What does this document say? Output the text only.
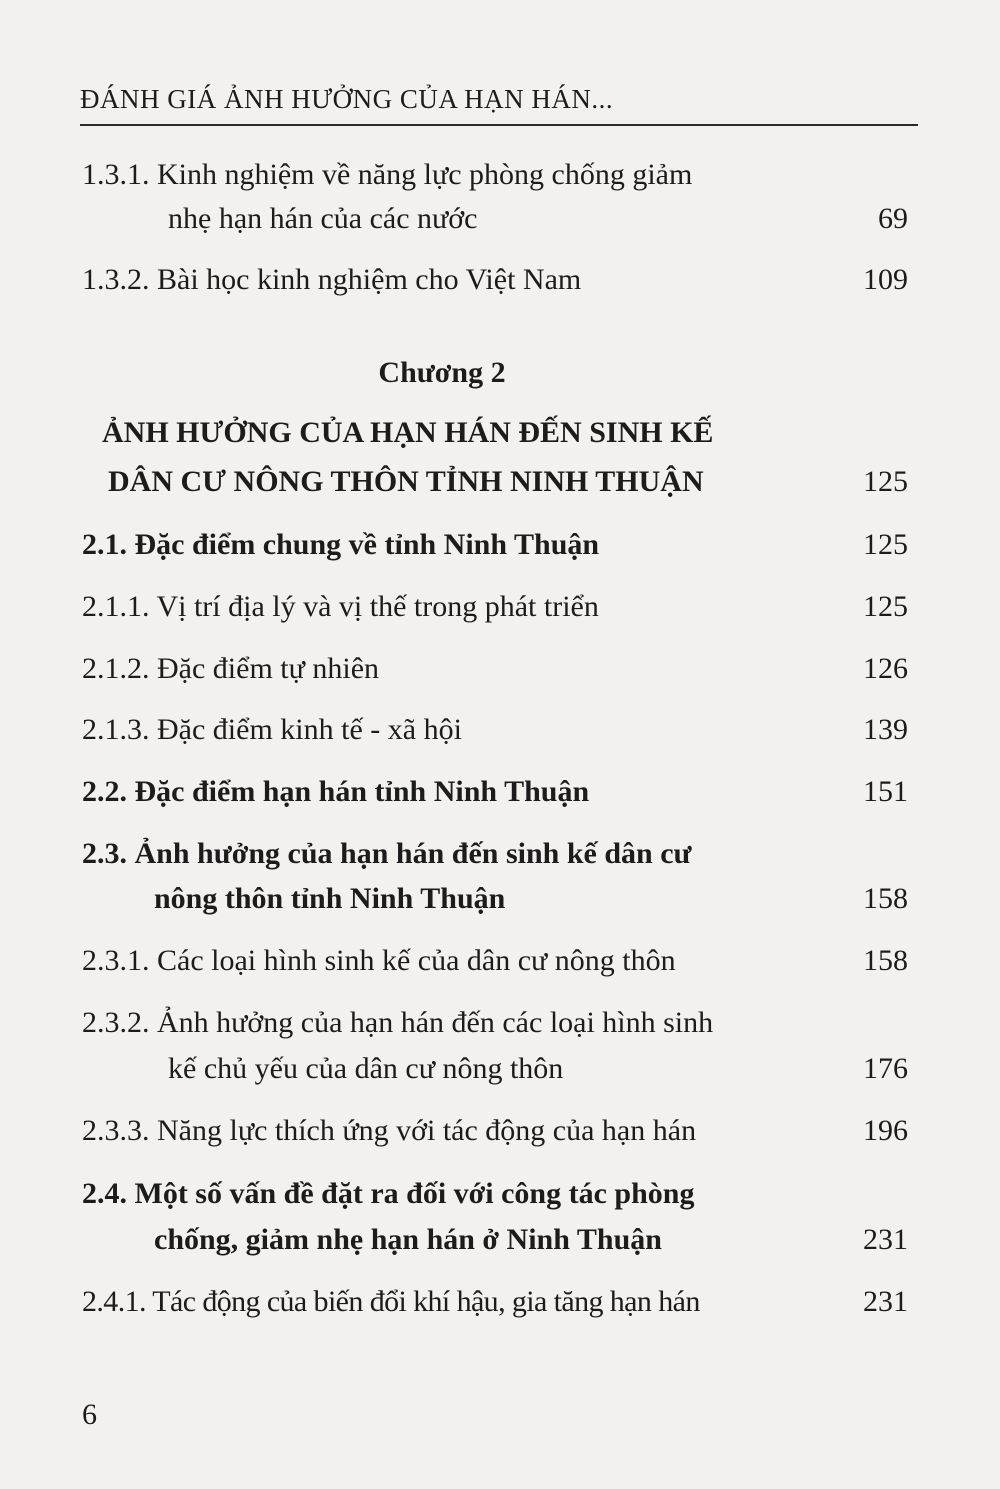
ĐÁNH GIÁ ẢNH HƯỞNG CỦA HẠN HÁN...
1.3.1. Kinh nghiệm về năng lực phòng chống giảm
nhẹ hạn hán của các nước	69
1.3.2. Bài học kinh nghiệm cho Việt Nam	109
Chương 2
ẢNH HƯỞNG CỦA HẠN HÁN ĐẾN SINH KẾ
DÂN CƯ NÔNG THÔN TỈNH NINH THUẬN	125
2.1. Đặc điểm chung về tỉnh Ninh Thuận	125
2.1.1. Vị trí địa lý và vị thế trong phát triển	125
2.1.2. Đặc điểm tự nhiên	126
2.1.3. Đặc điểm kinh tế - xã hội	139
2.2. Đặc điểm hạn hán tỉnh Ninh Thuận	151
2.3. Ảnh hưởng của hạn hán đến sinh kế dân cư
nông thôn tỉnh Ninh Thuận	158
2.3.1. Các loại hình sinh kế của dân cư nông thôn	158
2.3.2. Ảnh hưởng của hạn hán đến các loại hình sinh
kế chủ yếu của dân cư nông thôn	176
2.3.3. Năng lực thích ứng với tác động của hạn hán	196
2.4. Một số vấn đề đặt ra đối với công tác phòng
chống, giảm nhẹ hạn hán ở Ninh Thuận	231
2.4.1. Tác động của biến đổi khí hậu, gia tăng hạn hán	231
6
